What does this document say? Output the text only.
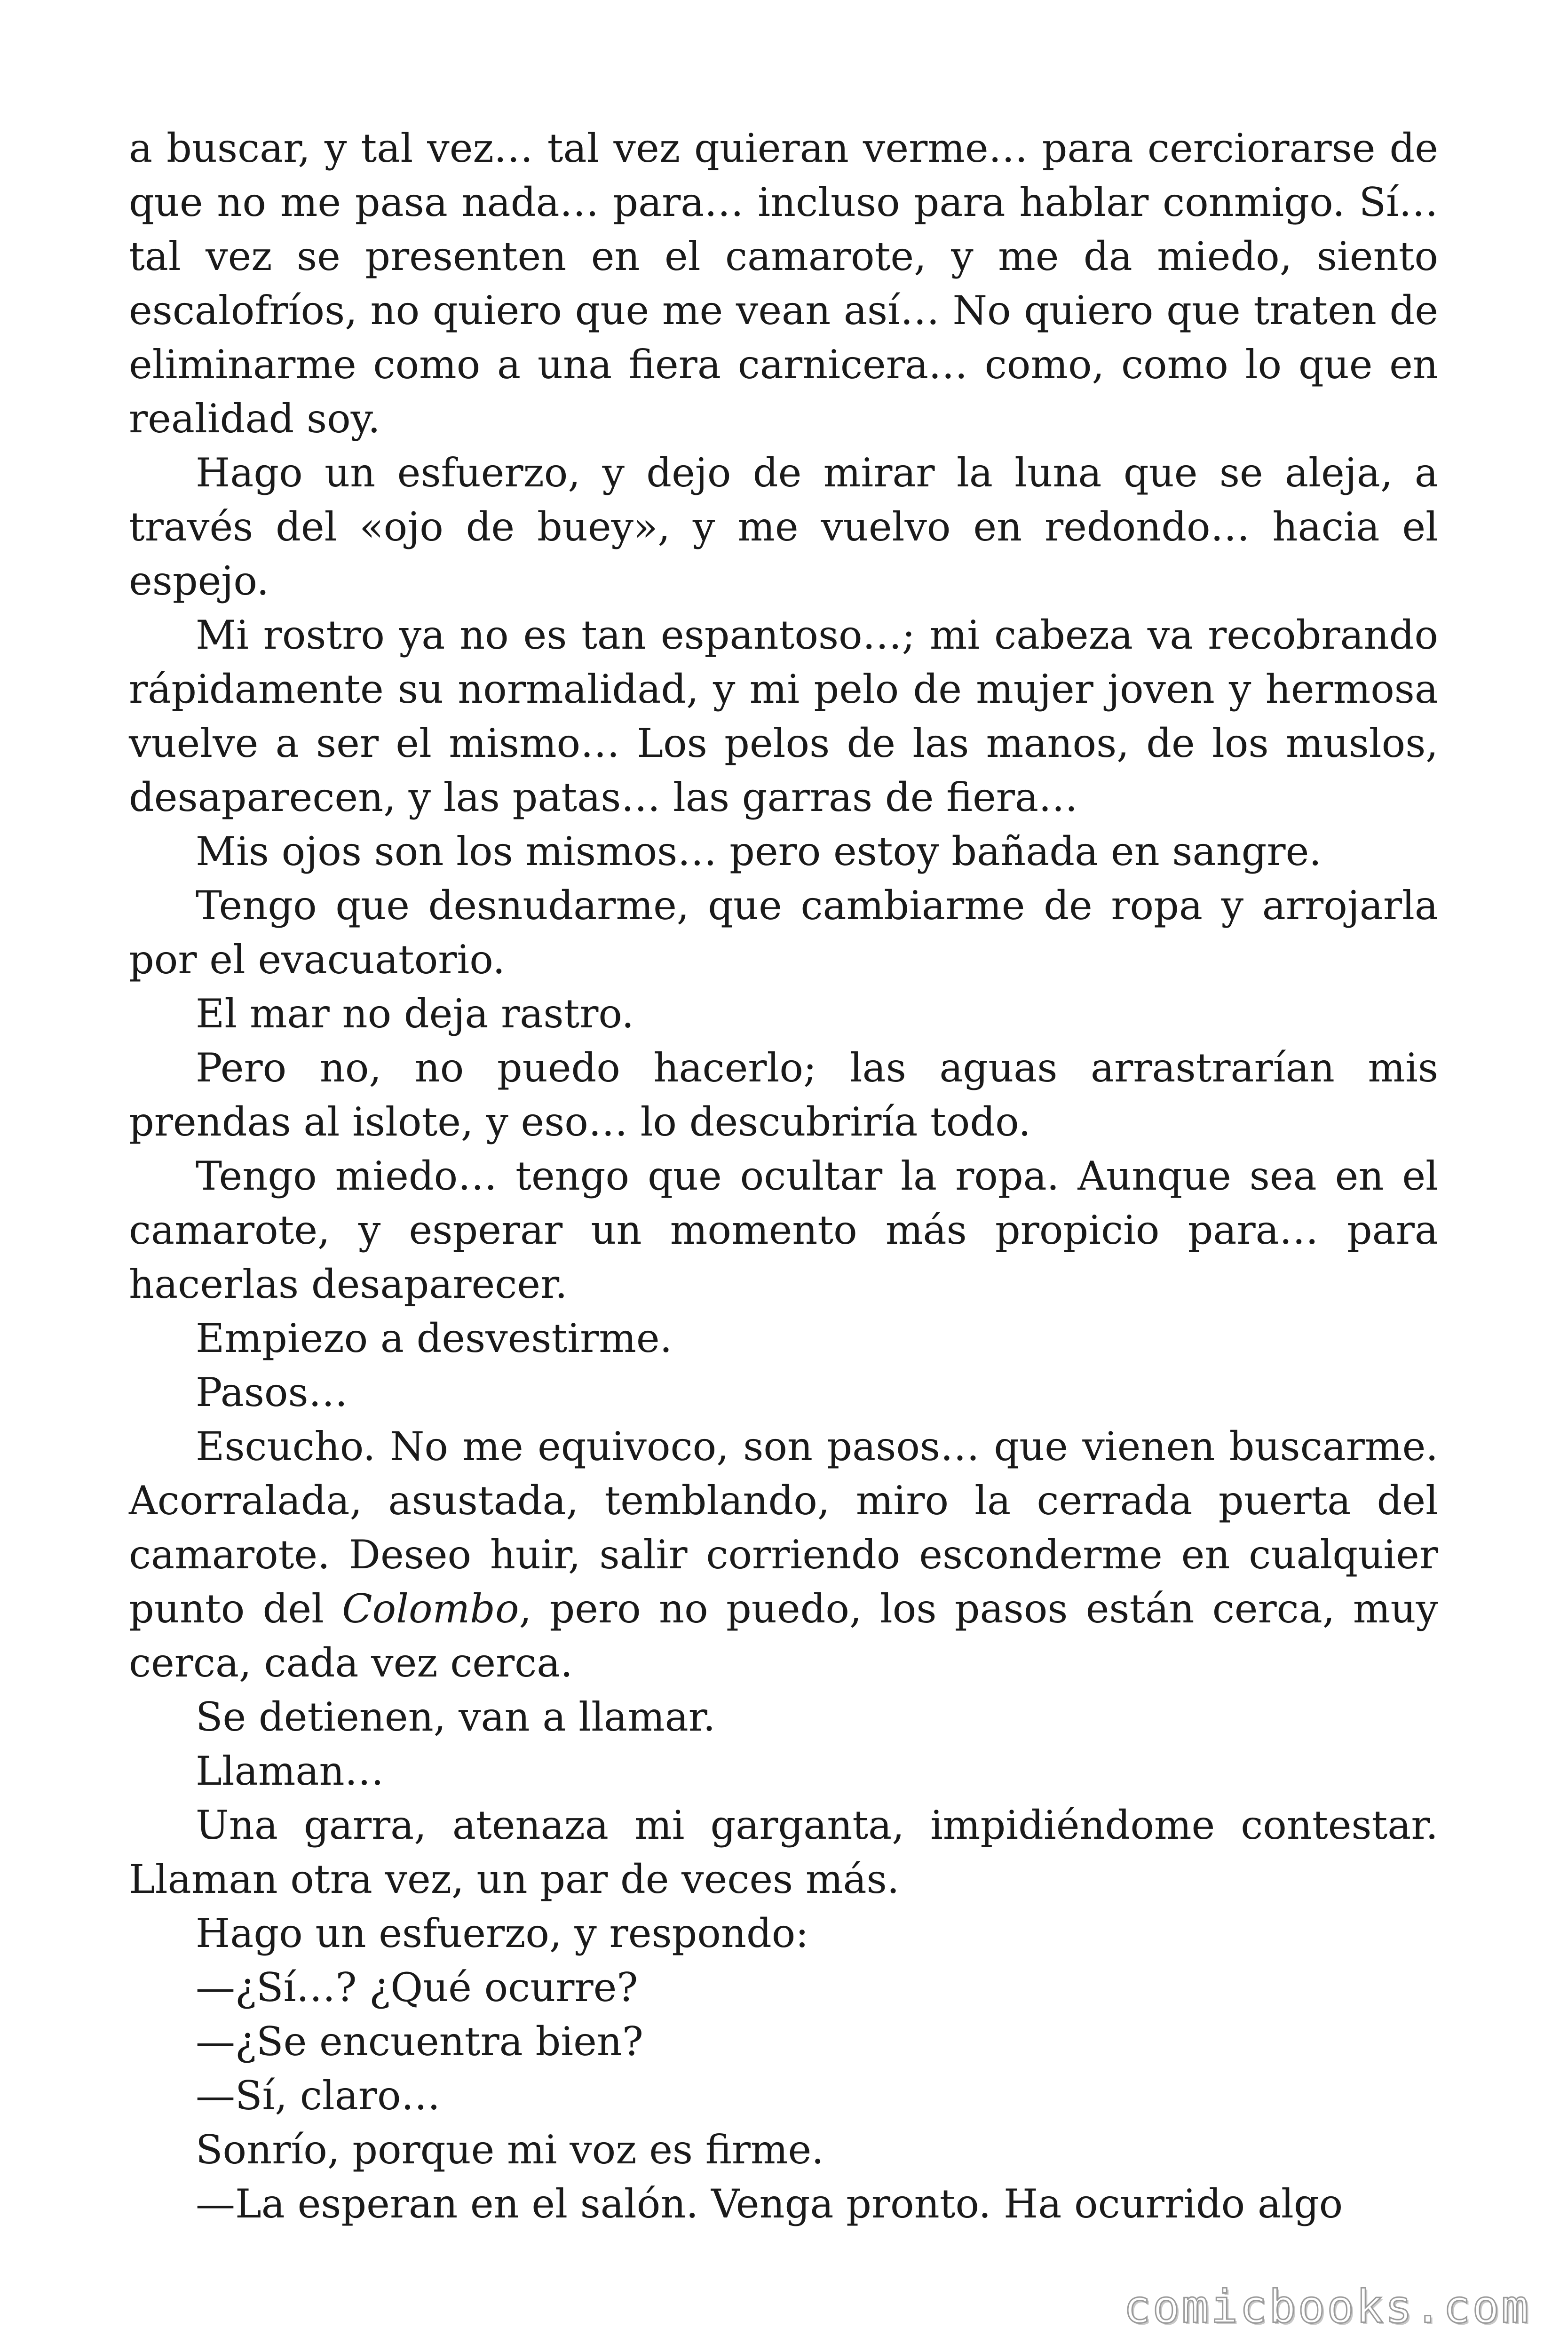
a buscar, y tal vez… tal vez quieran verme… para cerciorarse de que no me pasa nada… para… incluso para hablar conmigo. Sí… tal vez se presenten en el camarote, y me da miedo, siento escalofríos, no quiero que me vean así… No quiero que traten de eliminarme como a una fiera carnicera… como, como lo que en realidad soy.

Hago un esfuerzo, y dejo de mirar la luna que se aleja, a través del «ojo de buey», y me vuelvo en redondo… hacia el espejo.

Mi rostro ya no es tan espantoso…; mi cabeza va recobrando rápidamente su normalidad, y mi pelo de mujer joven y hermosa vuelve a ser el mismo… Los pelos de las manos, de los muslos, desaparecen, y las patas… las garras de fiera…

Mis ojos son los mismos… pero estoy bañada en sangre.

Tengo que desnudarme, que cambiarme de ropa y arrojarla por el evacuatorio.

El mar no deja rastro.

Pero no, no puedo hacerlo; las aguas arrastrarían mis prendas al islote, y eso… lo descubriría todo.

Tengo miedo… tengo que ocultar la ropa. Aunque sea en el camarote, y esperar un momento más propicio para… para hacerlas desaparecer.

Empiezo a desvestirme.

Pasos…

Escucho. No me equivoco, son pasos… que vienen buscarme. Acorralada, asustada, temblando, miro la cerrada puerta del camarote. Deseo huir, salir corriendo esconderme en cualquier punto del Colombo, pero no puedo, los pasos están cerca, muy cerca, cada vez cerca.

Se detienen, van a llamar.

Llaman…

Una garra, atenaza mi garganta, impidiéndome contestar. Llaman otra vez, un par de veces más.

Hago un esfuerzo, y respondo:

—¿Sí…? ¿Qué ocurre?

—¿Se encuentra bien?

—Sí, claro…

Sonrío, porque mi voz es firme.

—La esperan en el salón. Venga pronto. Ha ocurrido algo

comicbooks.com
